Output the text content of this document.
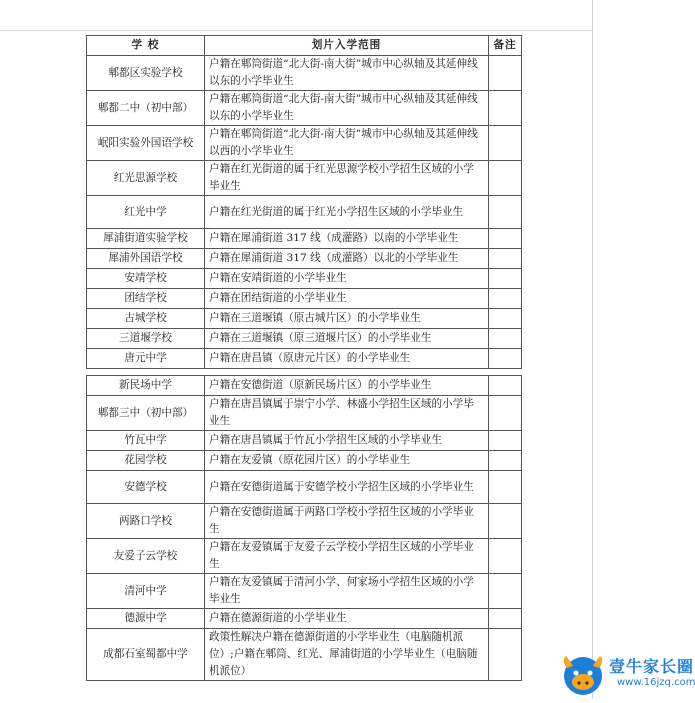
学 校	划片入学范围	备注
郫都区实验学校	户籍在郫筒街道“北大街-南大街”城市中心纵轴及其延伸线以东的小学毕业生	
郫都二中（初中部）	户籍在郫筒街道“北大街-南大街”城市中心纵轴及其延伸线以东的小学毕业生	
岷阳实验外国语学校	户籍在郫筒街道“北大街-南大街”城市中心纵轴及其延伸线以西的小学毕业生	
红光思源学校	户籍在红光街道的属于红光思源学校小学招生区域的小学毕业生	
红光中学	户籍在红光街道的属于红光小学招生区域的小学毕业生	
犀浦街道实验学校	户籍在犀浦街道 317 线（成灌路）以南的小学毕业生	
犀浦外国语学校	户籍在犀浦街道 317 线（成灌路）以北的小学毕业生	
安靖学校	户籍在安靖街道的小学毕业生	
团结学校	户籍在团结街道的小学毕业生	
古城学校	户籍在三道堰镇（原古城片区）的小学毕业生	
三道堰学校	户籍在三道堰镇（原三道堰片区）的小学毕业生	
唐元中学	户籍在唐昌镇（原唐元片区）的小学毕业生	
新民场中学	户籍在安德街道（原新民场片区）的小学毕业生	
郫都三中（初中部）	户籍在唐昌镇属于崇宁小学、林盛小学招生区域的小学毕业生	
竹瓦中学	户籍在唐昌镇属于竹瓦小学招生区域的小学毕业生	
花园学校	户籍在友爱镇（原花园片区）的小学毕业生	
安德学校	户籍在安德街道属于安德学校小学招生区域的小学毕业生	
两路口学校	户籍在安德街道属于两路口学校小学招生区域的小学毕业生	
友爱子云学校	户籍在友爱镇属于友爱子云学校小学招生区域的小学毕业生	
清河中学	户籍在友爱镇属于清河小学、何家场小学招生区域的小学毕业生	
德源中学	户籍在德源街道的小学毕业生	
成都石室蜀都中学	政策性解决户籍在德源街道的小学毕业生（电脑随机派位）;户籍在郫筒、红光、犀浦街道的小学毕业生（电脑随机派位）		壹牛家长圈
www.16jzq.com
